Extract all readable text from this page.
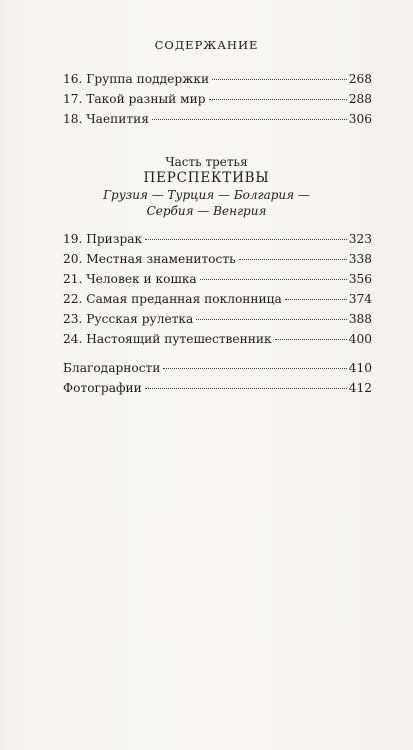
СОДЕРЖАНИЕ
16. Группа поддержки	268
17. Такой разный мир	288
18. Чаепития	306
Часть третья
ПЕРСПЕКТИВЫ
Грузия — Турция — Болгария —
Сербия — Венгрия
19. Призрак	323
20. Местная знаменитость	338
21. Человек и кошка	356
22. Самая преданная поклонница	374
23. Русская рулетка	388
24. Настоящий путешественник	400
Благодарности	410
Фотографии	412
